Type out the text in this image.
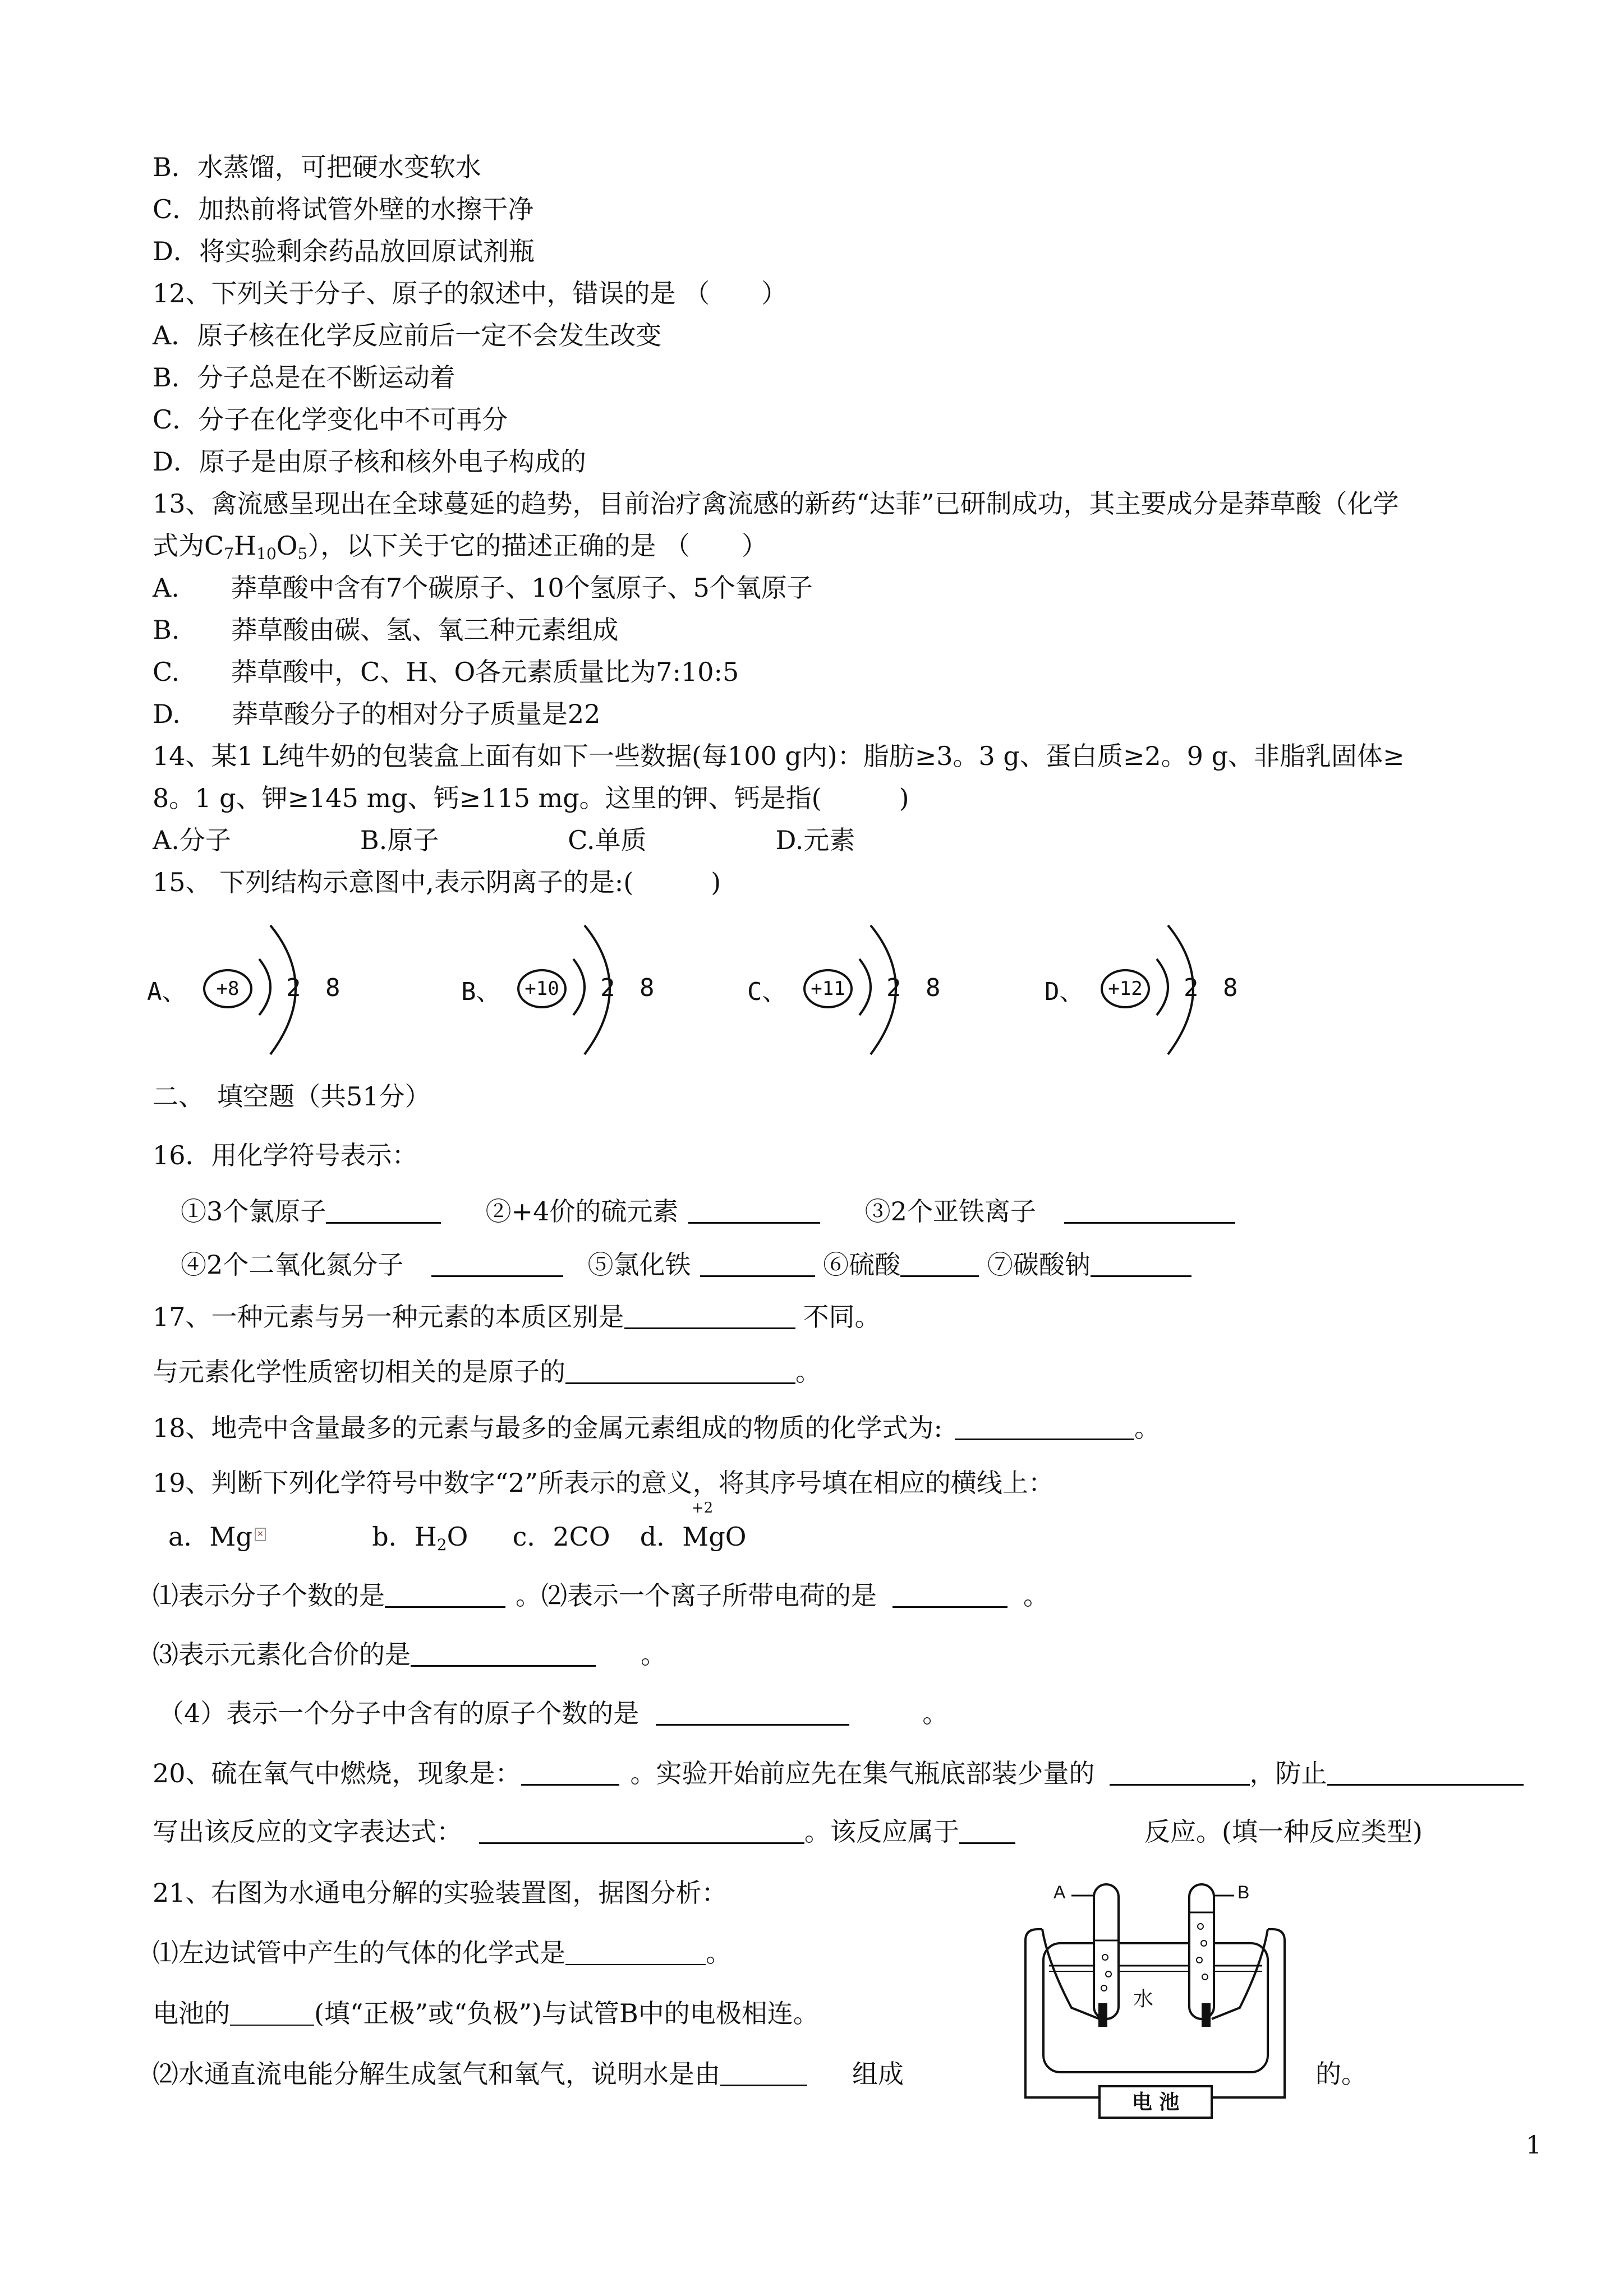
B．水蒸馏，可把硬水变软水
C．加热前将试管外壁的水擦干净
D．将实验剩余药品放回原试剂瓶
12、下列关于分子、原子的叙述中，错误的是 （　　）
A．原子核在化学反应前后一定不会发生改变
B．分子总是在不断运动着
C．分子在化学变化中不可再分
D．原子是由原子核和核外电子构成的
13、禽流感呈现出在全球蔓延的趋势，目前治疗禽流感的新药“达菲”已研制成功，其主要成分是莽草酸（化学
式为$C_7H_{10}O_5$），以下关于它的描述正确的是 （　　）
A.　　莽草酸中含有7个碳原子、10个氢原子、5个氧原子
B.　　莽草酸由碳、氢、氧三种元素组成
C.　　莽草酸中，C、H、O各元素质量比为7:10:5
D.　　莽草酸分子的相对分子质量是22
14、某1 L纯牛奶的包装盒上面有如下一些数据(每100 g内)：脂肪≥3。3 g、蛋白质≥2。9 g、非脂乳固体≥
8。1 g、钾≥145 mg、钙≥115 mg。这里的钾、钙是指(　　　)
A.分子　　　　　B.原子　　　　　C.单质　　　　　D.元素
15、 下列结构示意图中,表示阴离子的是:(　　　)
A、	+8	2 8	B、	+10	2 8	C、	+11	2 8	D、	+12	2 8
二、　填空题（共51分）
16．用化学符号表示：
①3个氯原子	②+4价的硫元素	③2个亚铁离子
④2个二氧化氮分子	⑤氯化铁	⑥硫酸	⑦碳酸钠
17、一种元素与另一种元素的本质区别是	不同。
与元素化学性质密切相关的是原子的	。
18、地壳中含量最多的元素与最多的金属元素组成的物质的化学式为:	。
19、判断下列化学符号中数字“2”所表示的意义，将其序号填在相应的横线上：
a．Mg ×	b．$H_2O$ c．2CO d．MgO
+2
⑴表示分子个数的是	。⑵表示一个离子所带电荷的是	。
⑶表示元素化合价的是	。
（4）表示一个分子中含有的原子个数的是	。
20、硫在氧气中燃烧，现象是：	。实验开始前应先在集气瓶底部装少量的	，防止
写出该反应的文字表达式：	。该反应属于	反应。(填一种反应类型)
21、右图为水通电分解的实验装置图，据图分析：
⑴左边试管中产生的气体的化学式是	。
电池的	(填“正极”或“负极”)与试管B中的电极相连。
⑵水通直流电能分解生成氢气和氧气，说明水是由	组成	的。
A	B
水
电 池
1
